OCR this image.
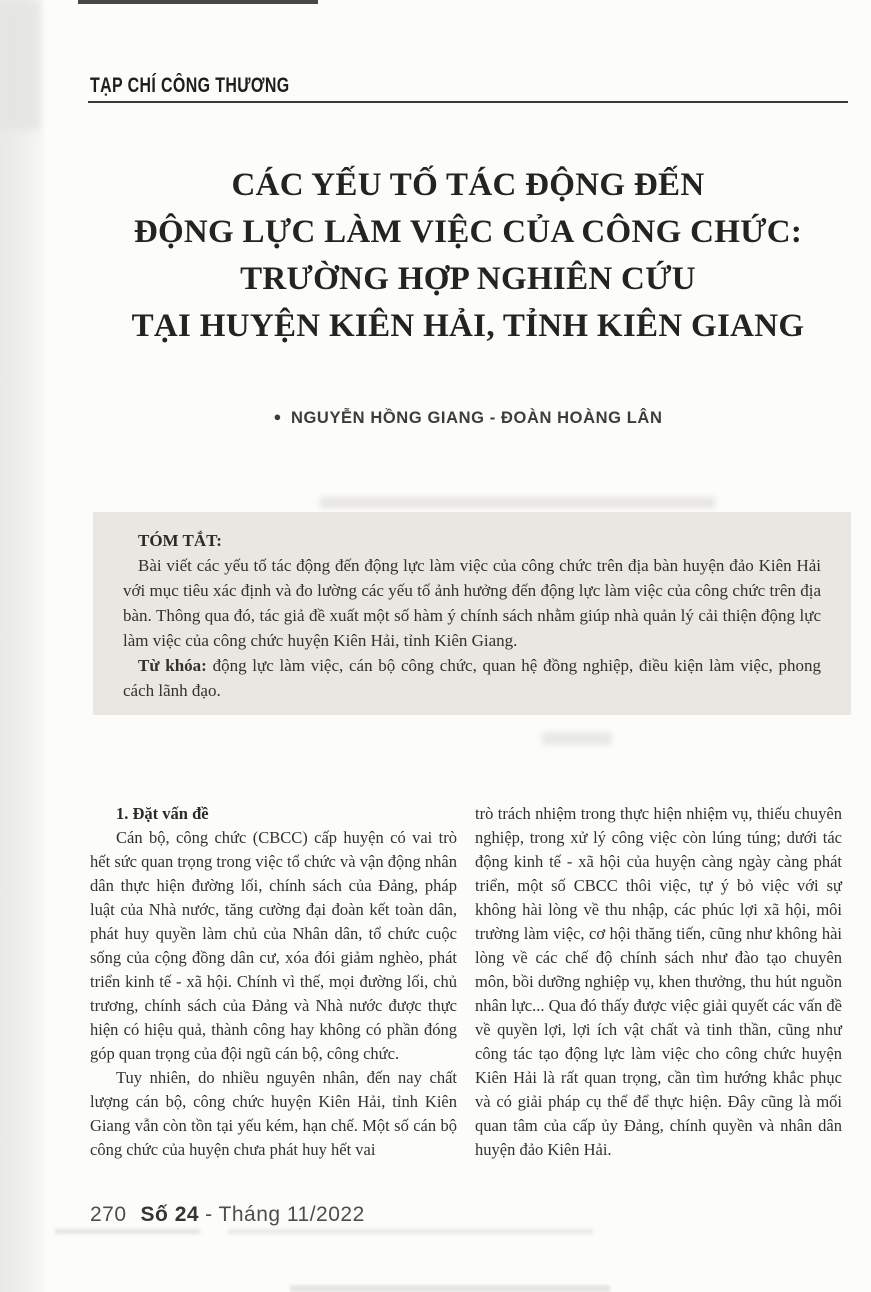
TẠP CHÍ CÔNG THƯƠNG
CÁC YẾU TỐ TÁC ĐỘNG ĐẾN
ĐỘNG LỰC LÀM VIỆC CỦA CÔNG CHỨC:
TRƯỜNG HỢP NGHIÊN CỨU
TẠI HUYỆN KIÊN HẢI, TỈNH KIÊN GIANG
● NGUYỄN HỒNG GIANG - ĐOÀN HOÀNG LÂN

TÓM TẮT:

Bài viết các yếu tố tác động đến động lực làm việc của công chức trên địa bàn huyện đảo Kiên Hải với mục tiêu xác định và đo lường các yếu tố ảnh hưởng đến động lực làm việc của công chức trên địa bàn. Thông qua đó, tác giả đề xuất một số hàm ý chính sách nhằm giúp nhà quản lý cải thiện động lực làm việc của công chức huyện Kiên Hải, tỉnh Kiên Giang.

Từ khóa: động lực làm việc, cán bộ công chức, quan hệ đồng nghiệp, điều kiện làm việc, phong cách lãnh đạo.

1. Đặt vấn đề

Cán bộ, công chức (CBCC) cấp huyện có vai trò hết sức quan trọng trong việc tổ chức và vận động nhân dân thực hiện đường lối, chính sách của Đảng, pháp luật của Nhà nước, tăng cường đại đoàn kết toàn dân, phát huy quyền làm chủ của Nhân dân, tổ chức cuộc sống của cộng đồng dân cư, xóa đói giảm nghèo, phát triển kinh tế - xã hội. Chính vì thế, mọi đường lối, chủ trương, chính sách của Đảng và Nhà nước được thực hiện có hiệu quả, thành công hay không có phần đóng góp quan trọng của đội ngũ cán bộ, công chức.

Tuy nhiên, do nhiều nguyên nhân, đến nay chất lượng cán bộ, công chức huyện Kiên Hải, tỉnh Kiên Giang vẫn còn tồn tại yếu kém, hạn chế. Một số cán bộ công chức của huyện chưa phát huy hết vai

trò trách nhiệm trong thực hiện nhiệm vụ, thiếu chuyên nghiệp, trong xử lý công việc còn lúng túng; dưới tác động kinh tế - xã hội của huyện càng ngày càng phát triển, một số CBCC thôi việc, tự ý bỏ việc với sự không hài lòng về thu nhập, các phúc lợi xã hội, môi trường làm việc, cơ hội thăng tiến, cũng như không hài lòng về các chế độ chính sách như đào tạo chuyên môn, bồi dưỡng nghiệp vụ, khen thưởng, thu hút nguồn nhân lực... Qua đó thấy được việc giải quyết các vấn đề về quyền lợi, lợi ích vật chất và tinh thần, cũng như công tác tạo động lực làm việc cho công chức huyện Kiên Hải là rất quan trọng, cần tìm hướng khắc phục và có giải pháp cụ thể để thực hiện. Đây cũng là mối quan tâm của cấp ủy Đảng, chính quyền và nhân dân huyện đảo Kiên Hải.

270 Số 24 - Tháng 11/2022
